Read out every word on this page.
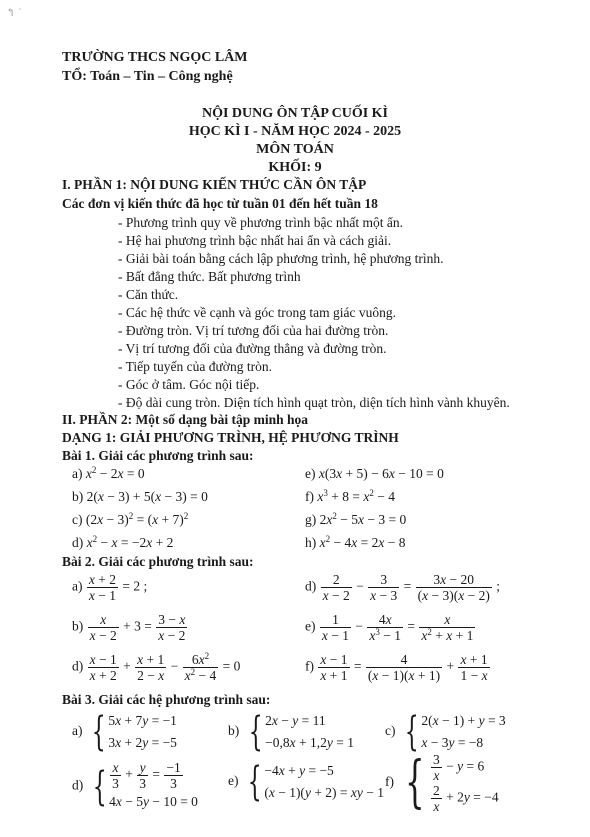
↰ ˊ
TRƯỜNG THCS NGỌC LÂM
TỔ: Toán – Tin – Công nghệ
NỘI DUNG ÔN TẬP CUỐI KÌ
HỌC KÌ I - NĂM HỌC 2024 - 2025
MÔN TOÁN
KHỐI: 9
I. PHẦN 1: NỘI DUNG KIẾN THỨC CẦN ÔN TẬP
Các đơn vị kiến thức đã học từ tuần 01 đến hết tuần 18
- Phương trình quy về phương trình bậc nhất một ẩn.
- Hệ hai phương trình bậc nhất hai ẩn và cách giải.
- Giải bài toán bằng cách lập phương trình, hệ phương trình.
- Bất đẳng thức. Bất phương trình
- Căn thức.
- Các hệ thức về cạnh và góc trong tam giác vuông.
- Đường tròn. Vị trí tương đối của hai đường tròn.
- Vị trí tương đối của đường thẳng và đường tròn.
- Tiếp tuyến của đường tròn.
- Góc ở tâm. Góc nội tiếp.
- Độ dài cung tròn. Diện tích hình quạt tròn, diện tích hình vành khuyên.
II. PHẦN 2: Một số dạng bài tập minh họa
DẠNG 1: GIẢI PHƯƠNG TRÌNH, HỆ PHƯƠNG TRÌNH
Bài 1. Giải các phương trình sau:
a) $x^2 - 2x = 0$	e) x(3x + 5) − 6x − 10 = 0
b) 2(x − 3) + 5(x − 3) = 0	f) $x^3 + 8 = x^2 - 4$
c) $(2x - 3)^2 = (x + 7)^2$	g) $2x^2 - 5x - 3 = 0$
d) $x^2 - x = -2x + 2$	h) $x^2 - 4x = 2x - 8$
Bài 2. Giải các phương trình sau:
$a) \frac{x + 2}{x - 1} = 2$ ;	$d) \frac{2}{x - 2} - \frac{3}{x - 3} = \frac{3x - 20}{(x - 3)(x - 2)}$ ;
$b) \frac{x}{x - 2} + 3 = \frac{3 - x}{x - 2}$	$e) \frac{1}{x - 1} - \frac{4x}{x^3 - 1} = \frac{x}{x^2 + x + 1}$
$d) \frac{x - 1}{x + 2} + \frac{x + 1}{2 - x} - \frac{6x^2}{x^2 - 4} = 0$	$f) \frac{x - 1}{x + 1} = \frac{4}{(x - 1)(x + 1)} + \frac{x + 1}{1 - x}$
Bài 3. Giải các hệ phương trình sau:
a) { 5x + 7y = −1
3x + 2y = −5
b) { 2x − y = 11
−0,8x + 1,2y = 1
c) { 2(x − 1) + y = 3
x − 3y = −8
d) { $\frac{x}{3} + \frac{y}{3} = \frac{-1}{3}$
4x − 5y − 10 = 0
e) { −4x + y = −5
(x − 1)(y + 2) = xy − 1
f) { $\frac{3}{x} - y = 6$
$\frac{2}{x} + 2y = -4$
